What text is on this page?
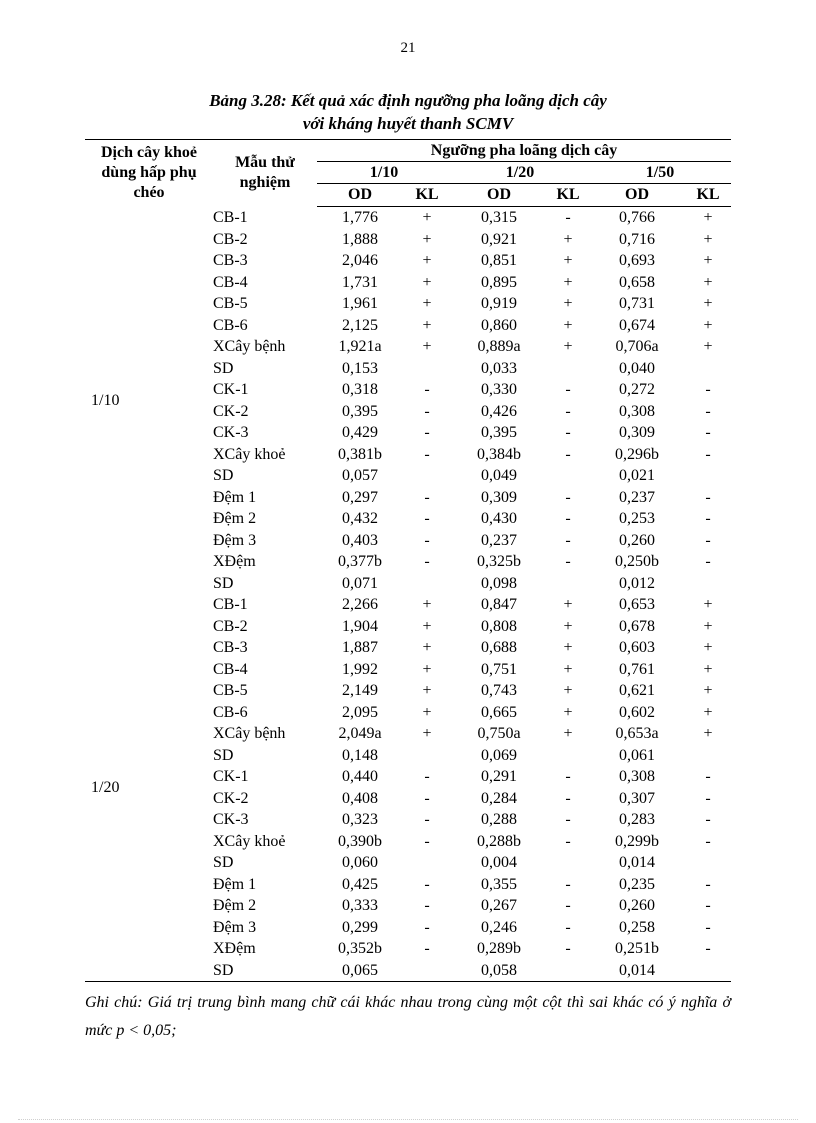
21
Bảng 3.28: Kết quả xác định ngưỡng pha loãng dịch cây
với kháng huyết thanh SCMV
Dịch cây khoẻ dùng hấp phụ chéo	Mẫu thử nghiệm	Ngưỡng pha loãng dịch cây					
		1/10		1/20		1/50	
		OD	KL	OD	KL	OD	KL
1/10	CB-1	1,776	+	0,315	-	0,766	+
	CB-2	1,888	+	0,921	+	0,716	+
	CB-3	2,046	+	0,851	+	0,693	+
	CB-4	1,731	+	0,895	+	0,658	+
	CB-5	1,961	+	0,919	+	0,731	+
	CB-6	2,125	+	0,860	+	0,674	+
	XCây bệnh	1,921a	+	0,889a	+	0,706a	+
	SD	0,153		0,033		0,040	
	CK-1	0,318	-	0,330	-	0,272	-
	CK-2	0,395	-	0,426	-	0,308	-
	CK-3	0,429	-	0,395	-	0,309	-
	XCây khoẻ	0,381b	-	0,384b	-	0,296b	-
	SD	0,057		0,049		0,021	
	Đệm 1	0,297	-	0,309	-	0,237	-
	Đệm 2	0,432	-	0,430	-	0,253	-
	Đệm 3	0,403	-	0,237	-	0,260	-
	XĐệm	0,377b	-	0,325b	-	0,250b	-
	SD	0,071		0,098		0,012	
1/20	CB-1	2,266	+	0,847	+	0,653	+
	CB-2	1,904	+	0,808	+	0,678	+
	CB-3	1,887	+	0,688	+	0,603	+
	CB-4	1,992	+	0,751	+	0,761	+
	CB-5	2,149	+	0,743	+	0,621	+
	CB-6	2,095	+	0,665	+	0,602	+
	XCây bệnh	2,049a	+	0,750a	+	0,653a	+
	SD	0,148		0,069		0,061	
	CK-1	0,440	-	0,291	-	0,308	-
	CK-2	0,408	-	0,284	-	0,307	-
	CK-3	0,323	-	0,288	-	0,283	-
	XCây khoẻ	0,390b	-	0,288b	-	0,299b	-
	SD	0,060		0,004		0,014	
	Đệm 1	0,425	-	0,355	-	0,235	-
	Đệm 2	0,333	-	0,267	-	0,260	-
	Đệm 3	0,299	-	0,246	-	0,258	-
	XĐệm	0,352b	-	0,289b	-	0,251b	-
	SD	0,065		0,058		0,014	
Ghi chú: Giá trị trung bình mang chữ cái khác nhau trong cùng một cột thì sai khác có ý nghĩa ở mức p < 0,05;
